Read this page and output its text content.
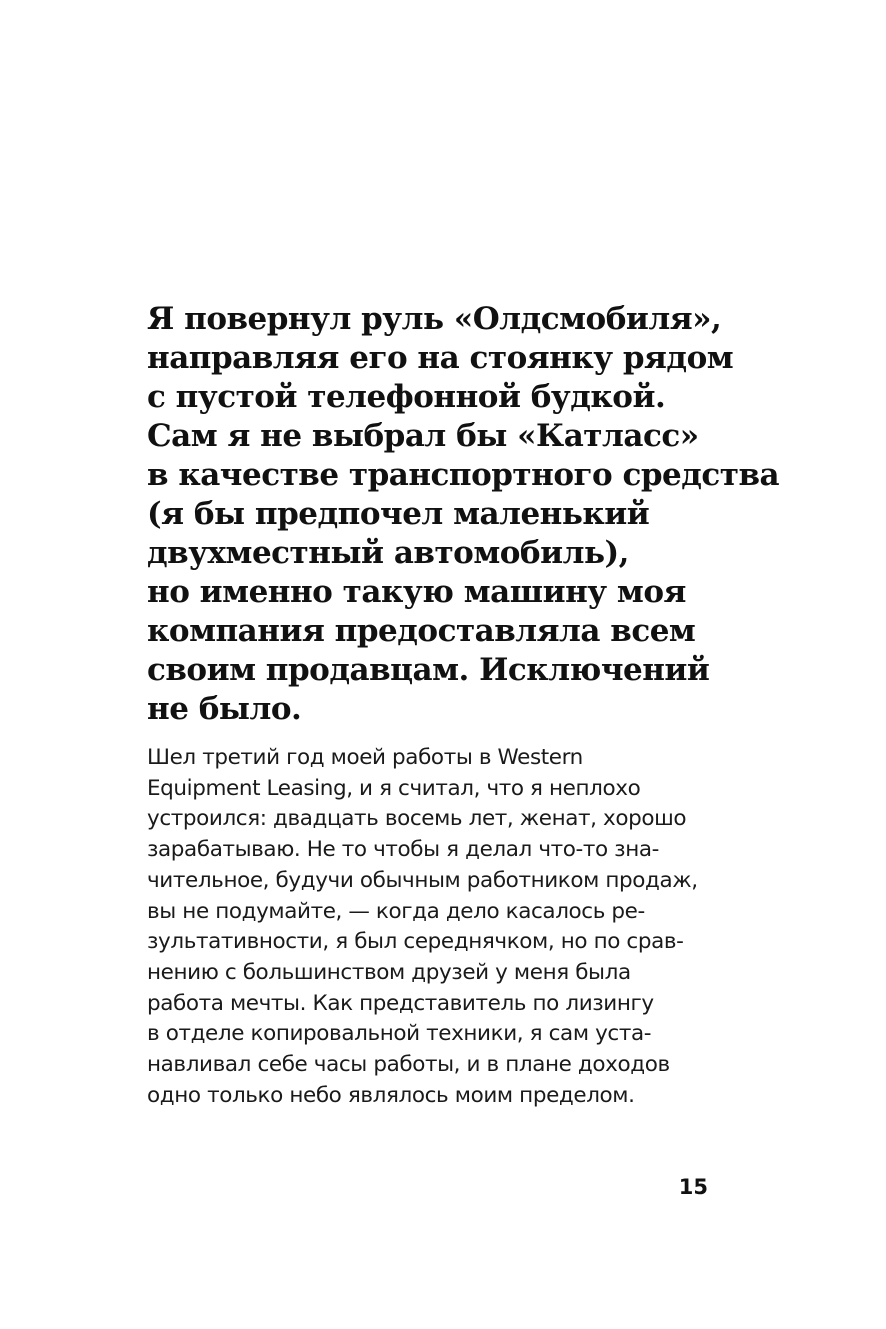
Я повернул руль «Олдсмобиля»,
направляя его на стоянку рядом
с пустой телефонной будкой.
Сам я не выбрал бы «Катласс»
в качестве транспортного средства
(я бы предпочел маленький
двухместный автомобиль),
но именно такую машину моя
компания предоставляла всем
своим продавцам. Исключений
не было.

Шел третий год моей работы в Western
Equipment Leasing, и я считал, что я неплохо
устроился: двадцать восемь лет, женат, хорошо
зарабатываю. Не то чтобы я делал что-то зна-
чительное, будучи обычным работником продаж,
вы не подумайте, — когда дело касалось ре-
зультативности, я был середнячком, но по срав-
нению с большинством друзей у меня была
работа мечты. Как представитель по лизингу
в отделе копировальной техники, я сам уста-
навливал себе часы работы, и в плане доходов
одно только небо являлось моим пределом.

15
